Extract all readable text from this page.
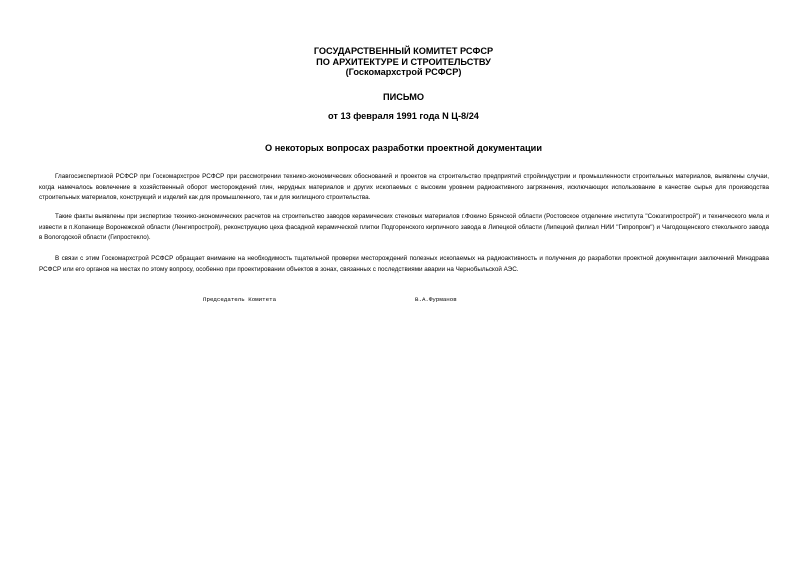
ГОСУДАРСТВЕННЫЙ КОМИТЕТ РСФСР
ПО АРХИТЕКТУРЕ И СТРОИТЕЛЬСТВУ
(Госкомархстрой РСФСР)
ПИСЬМО
от 13 февраля 1991 года N Ц-8/24
О некоторых вопросах разработки проектной документации

Главгосэкспертизой РСФСР при Госкомархстрое РСФСР при рассмотрении технико-экономических обоснований и проектов на строительство предприятий стройиндустрии и промышленности строительных материалов, выявлены случаи, когда намечалось вовлечение в хозяйственный оборот месторождений глин, нерудных материалов и других ископаемых с высоким уровнем радиоактивного загрязнения, исключающих использование в качестве сырья для производства строительных материалов, конструкций и изделий как для промышленного, так и для жилищного строительства.

Такие факты выявлены при экспертизе технико-экономических расчетов на строительство заводов керамических стеновых материалов г.Фокино Брянской области (Ростовское отделение института "Союзгипрострой") и технического мела и извести в п.Копанище Воронежской области (Ленгипрострой), реконструкцию цеха фасадной керамической плитки Подгоренского кирпичного завода в Липецкой области (Липецкий филиал НИИ "Гипропром") и Чагодощенского стекольного завода в Вологодской области (Гипростекло).

В связи с этим Госкомархстрой РСФСР обращает внимание на необходимость тщательной проверки месторождений полезных ископаемых на радиоактивность и получения до разработки проектной документации заключений Минздрава РСФСР или его органов на местах по этому вопросу, особенно при проектировании объектов в зонах, связанных с последствиями аварии на Чернобыльской АЭС.

Председатель Комитета	В.А.Фурманов
